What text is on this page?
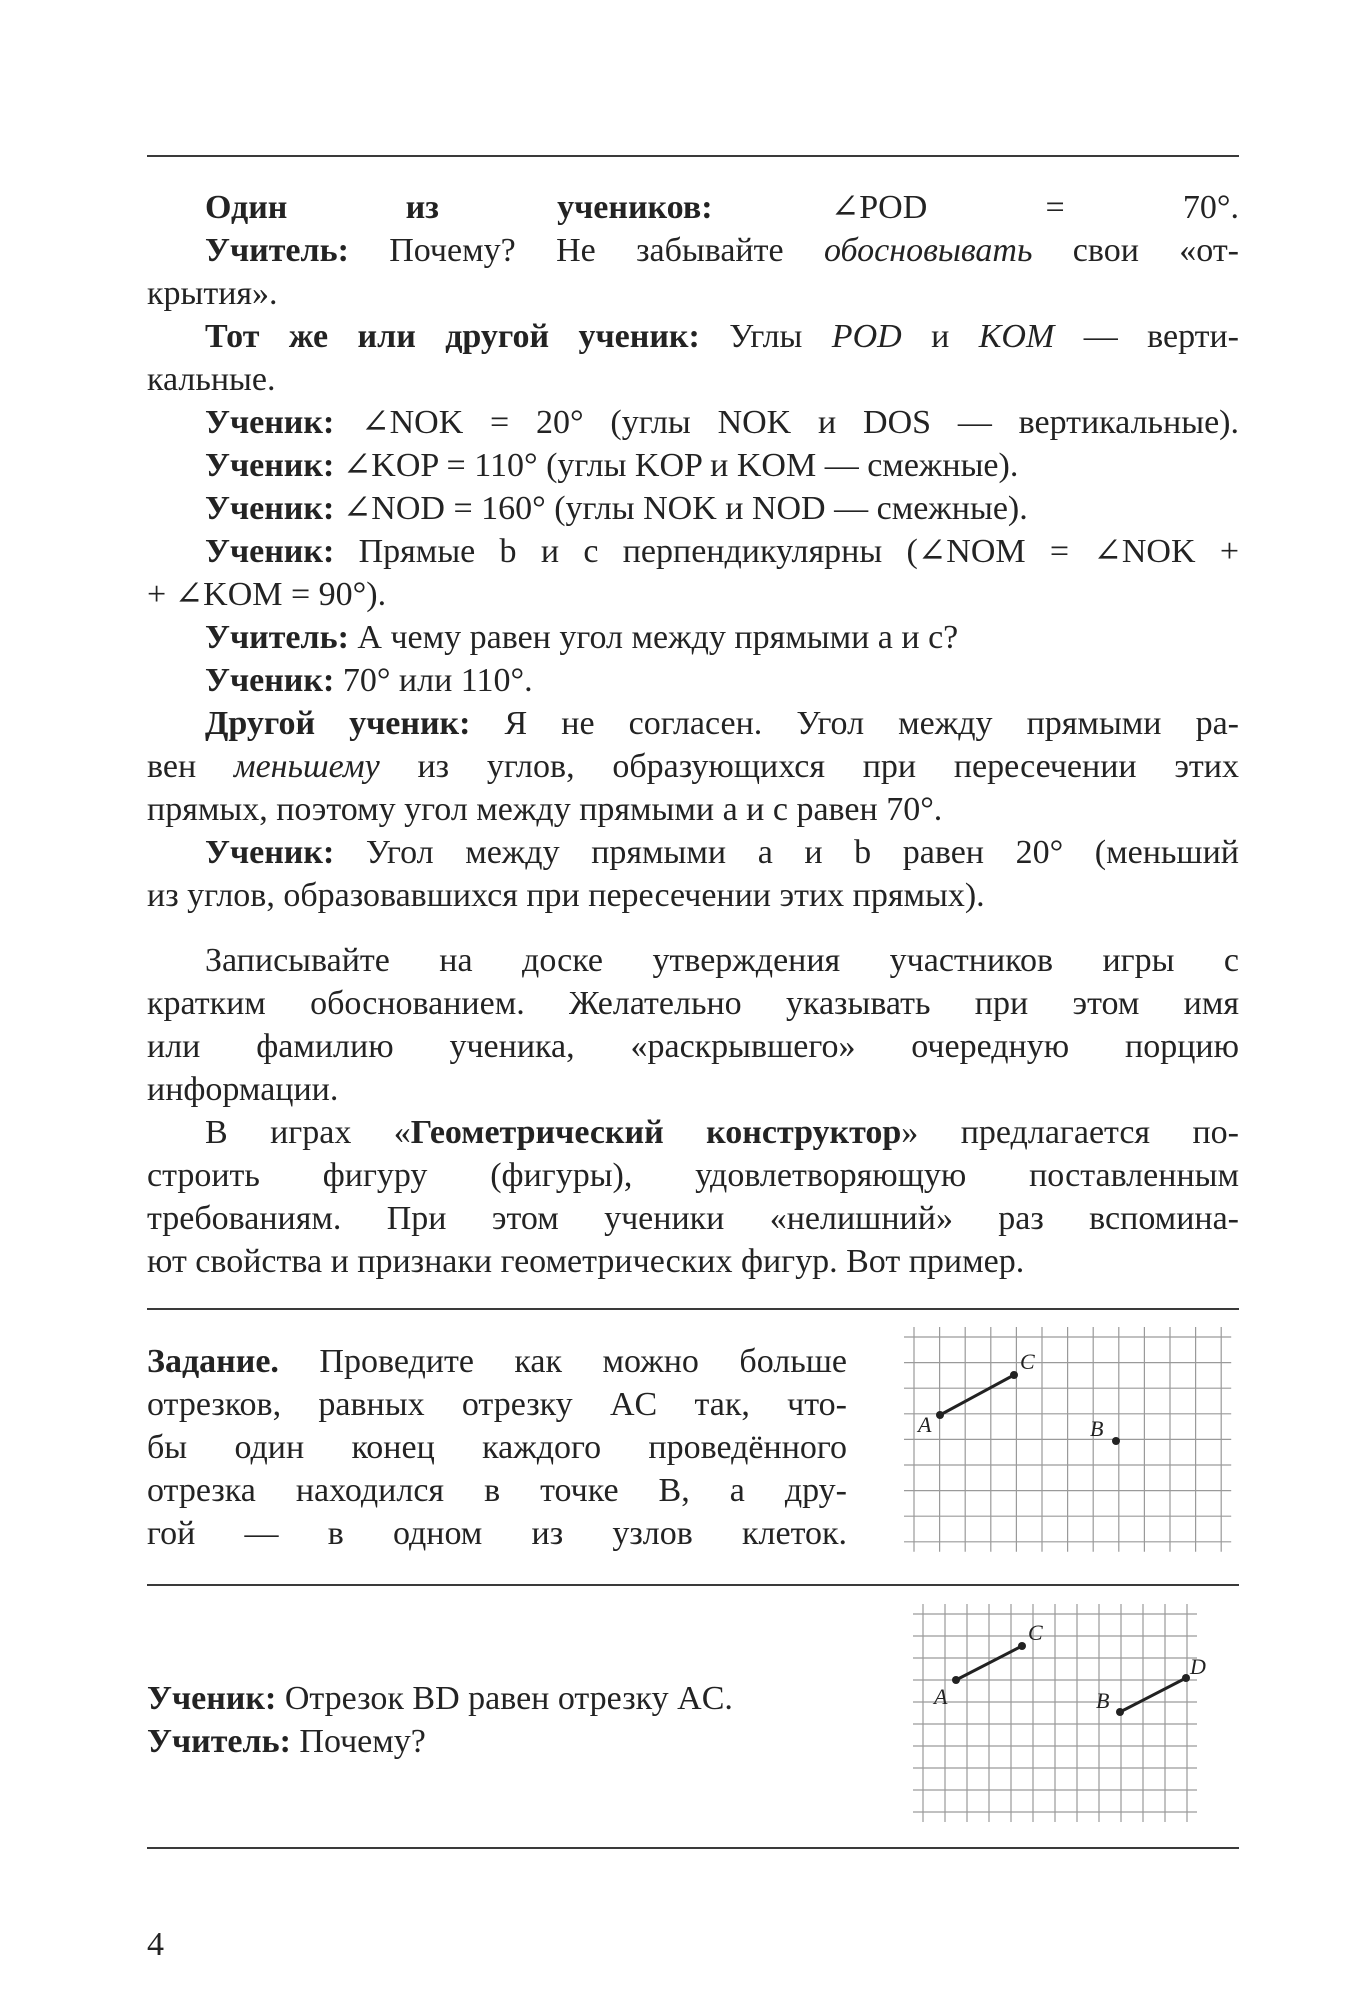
Один из учеников: ∠POD = 70°.
Учитель: Почему? Не забывайте обосновывать свои «от-
крытия».
Тот же или другой ученик: Углы POD и KOM — верти-
кальные.
Ученик: ∠NOK = 20° (углы NOK и DOS — вертикальные).
Ученик: ∠KOP = 110° (углы KOP и KOM — смежные).
Ученик: ∠NOD = 160° (углы NOK и NOD — смежные).
Ученик: Прямые b и c перпендикулярны (∠NOM = ∠NOK +
+ ∠KOM = 90°).
Учитель: А чему равен угол между прямыми a и c?
Ученик: 70° или 110°.
Другой ученик: Я не согласен. Угол между прямыми ра-
вен меньшему из углов, образующихся при пересечении этих
прямых, поэтому угол между прямыми a и c равен 70°.
Ученик: Угол между прямыми a и b равен 20° (меньший
из углов, образовавшихся при пересечении этих прямых).
Записывайте на доске утверждения участников игры с
кратким обоснованием. Желательно указывать при этом имя
или фамилию ученика, «раскрывшего» очередную порцию
информации.
В играх «Геометрический конструктор» предлагается по-
строить фигуру (фигуры), удовлетворяющую поставленным
требованиям. При этом ученики «нелишний» раз вспомина-
ют свойства и признаки геометрических фигур. Вот пример.
Задание. Проведите как можно больше
отрезков, равных отрезку AC так, что-
бы один конец каждого проведённого
отрезка находился в точке B, а дру-
гой — в одном из узлов клеток.
A
C
B
Ученик: Отрезок BD равен отрезку AC.
Учитель: Почему?
A
C
B
D
4
